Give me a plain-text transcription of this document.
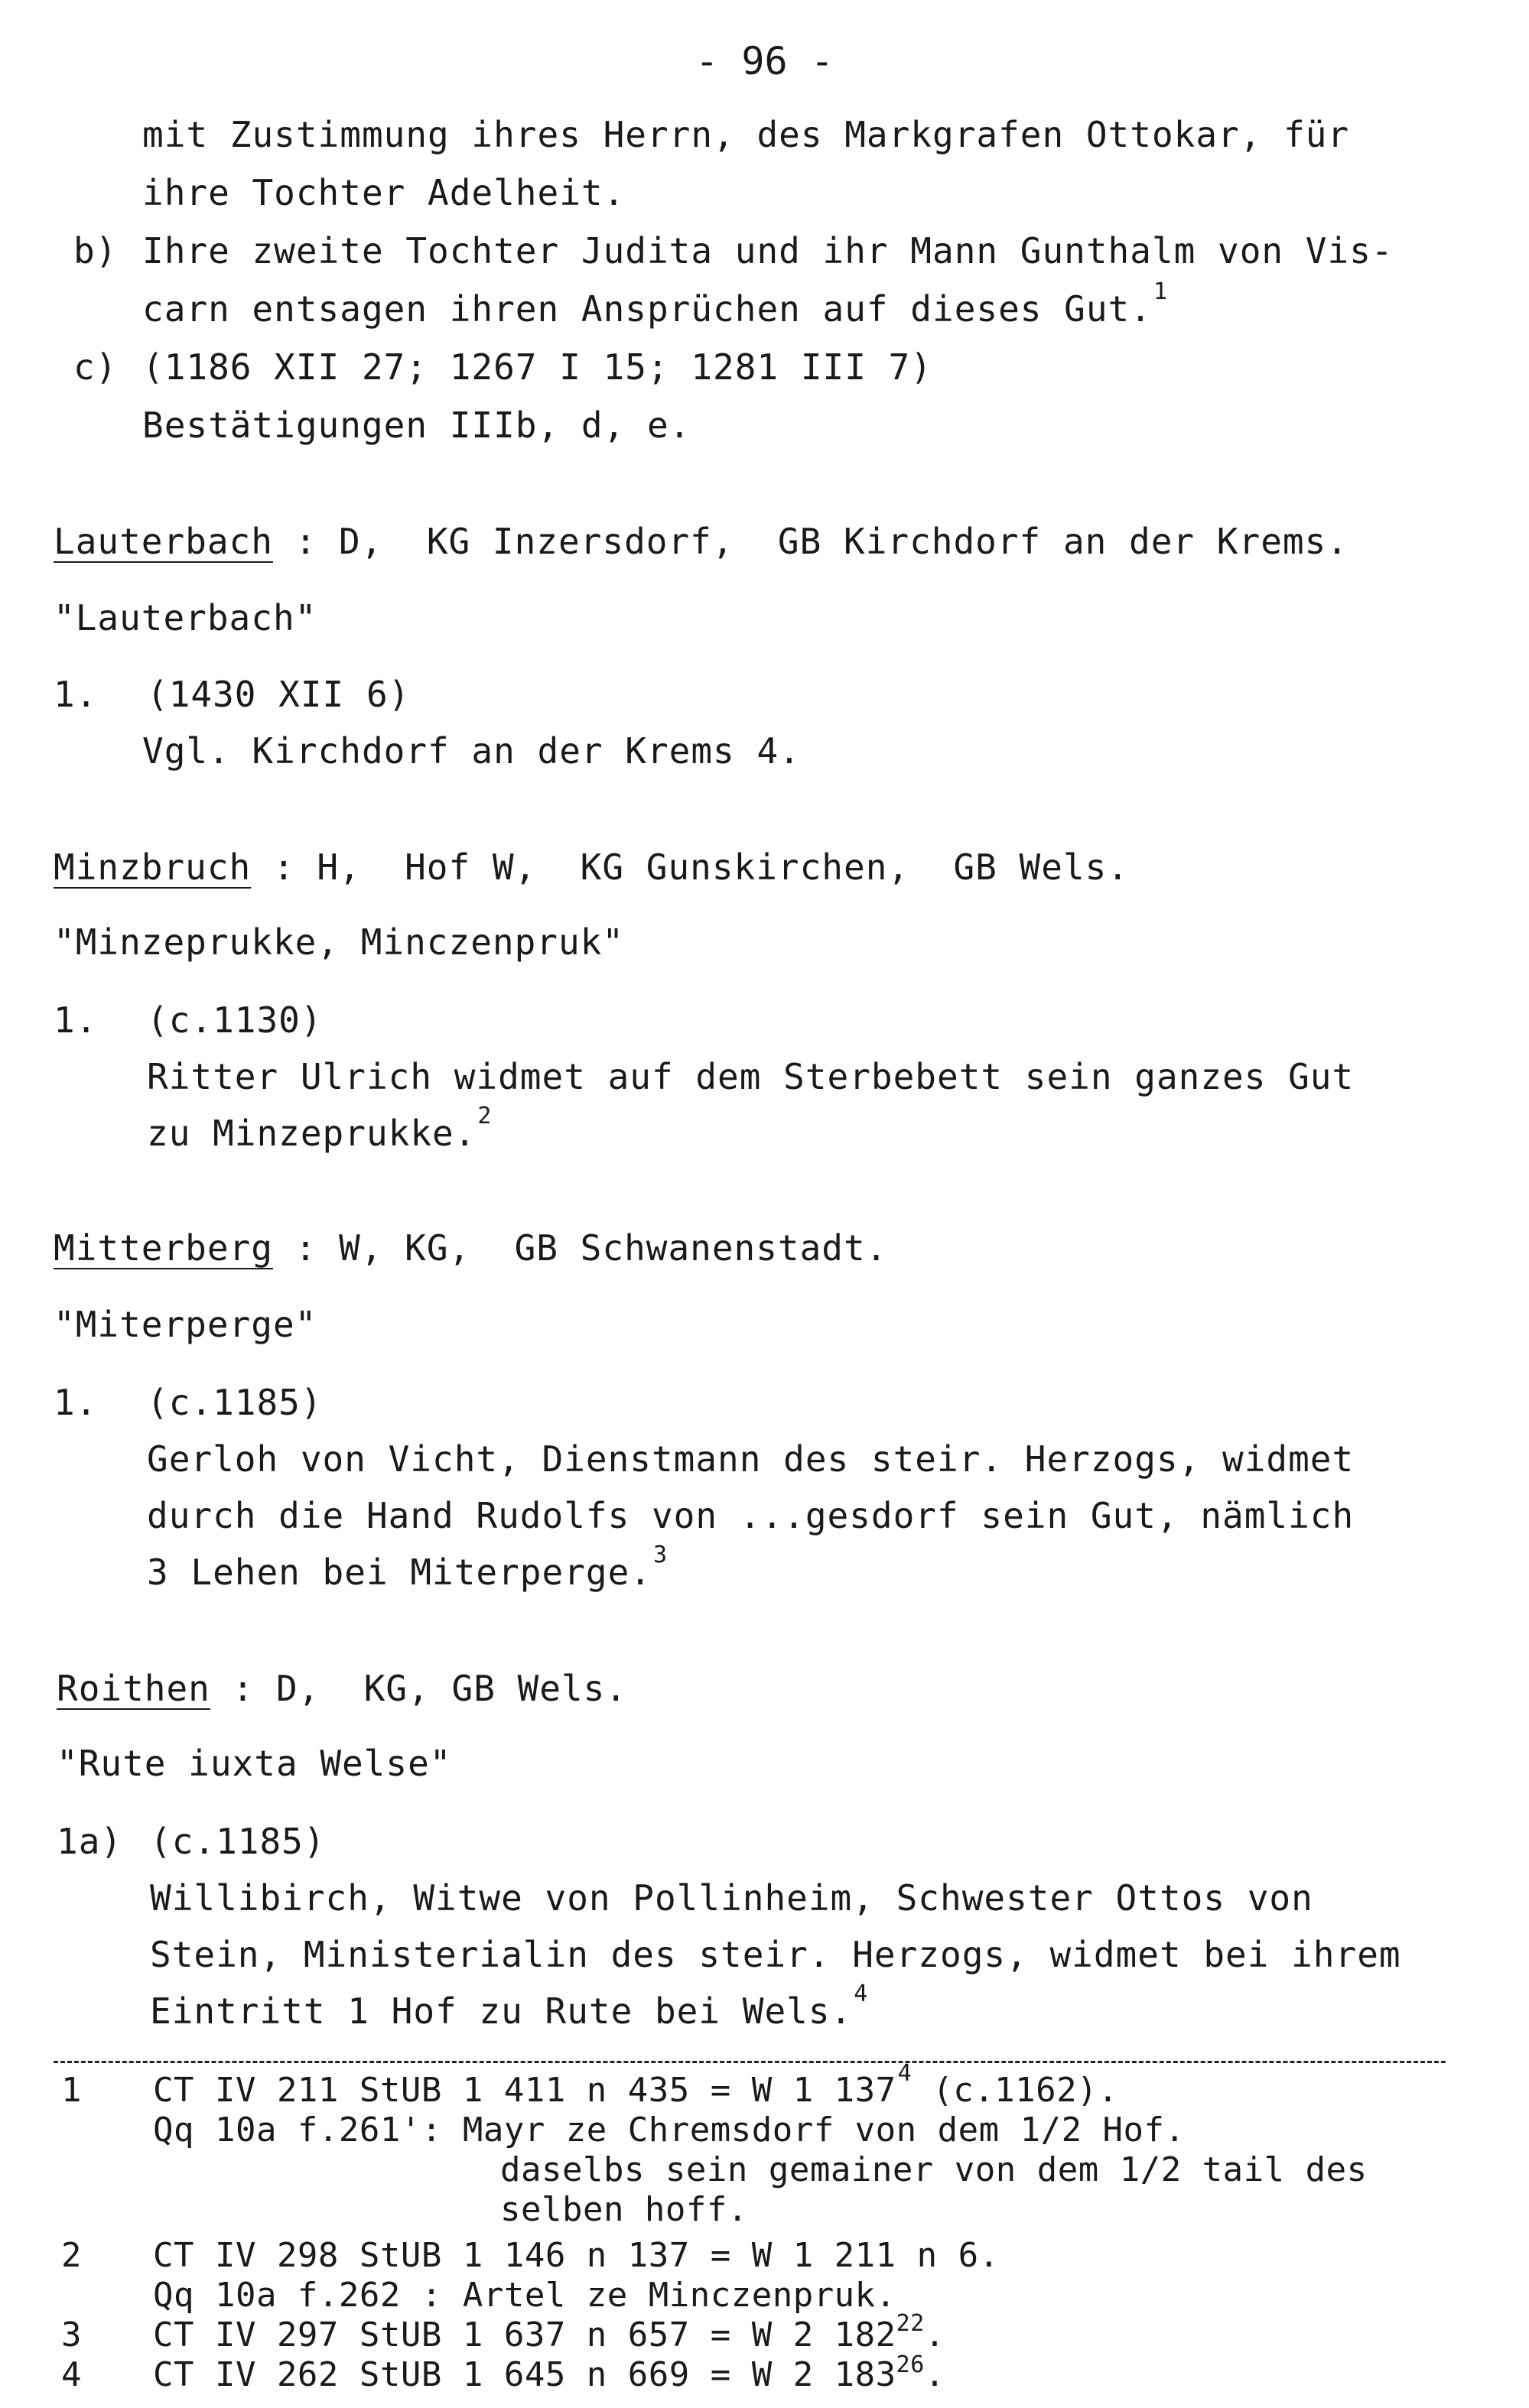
- 96 -
mit Zustimmung ihres Herrn, des Markgrafen Ottokar, für
ihre Tochter Adelheit.
b) Ihre zweite Tochter Judita und ihr Mann Gunthalm von Vis-
carn entsagen ihren Ansprüchen auf dieses Gut.$^1$
c) (1186 XII 27; 1267 I 15; 1281 III 7)
Bestätigungen IIIb, d, e.
Lauterbach : D,  KG Inzersdorf,  GB Kirchdorf an der Krems.
"Lauterbach"
1. (1430 XII 6)
Vgl. Kirchdorf an der Krems 4.
Minzbruch : H,  Hof W,  KG Gunskirchen,  GB Wels.
"Minzeprukke, Minczenpruk"
1. (c.1130)
Ritter Ulrich widmet auf dem Sterbebett sein ganzes Gut
zu Minzeprukke.$^2$
Mitterberg : W, KG,  GB Schwanenstadt.
"Miterperge"
1. (c.1185)
Gerloh von Vicht, Dienstmann des steir. Herzogs, widmet
durch die Hand Rudolfs von ...gesdorf sein Gut, nämlich
3 Lehen bei Miterperge.$^3$
Roithen : D,  KG, GB Wels.
"Rute iuxta Welse"
1a) (c.1185)
Willibirch, Witwe von Pollinheim, Schwester Ottos von
Stein, Ministerialin des steir. Herzogs, widmet bei ihrem
Eintritt 1 Hof zu Rute bei Wels.$^4$
1 CT IV 211 StUB 1 411 n 435 = W 1 $137^4$ (c.1162).
Qq 10a f.261': Mayr ze Chremsdorf von dem 1/2 Hof.
daselbs sein gemainer von dem 1/2 tail des
selben hoff.
2 CT IV 298 StUB 1 146 n 137 = W 1 211 n 6.
Qq 10a f.262 : Artel ze Minczenpruk.
3 CT IV 297 StUB 1 637 n 657 = W 2 $182^{22}$.
4 CT IV 262 StUB 1 645 n 669 = W 2 $183^{26}$.
